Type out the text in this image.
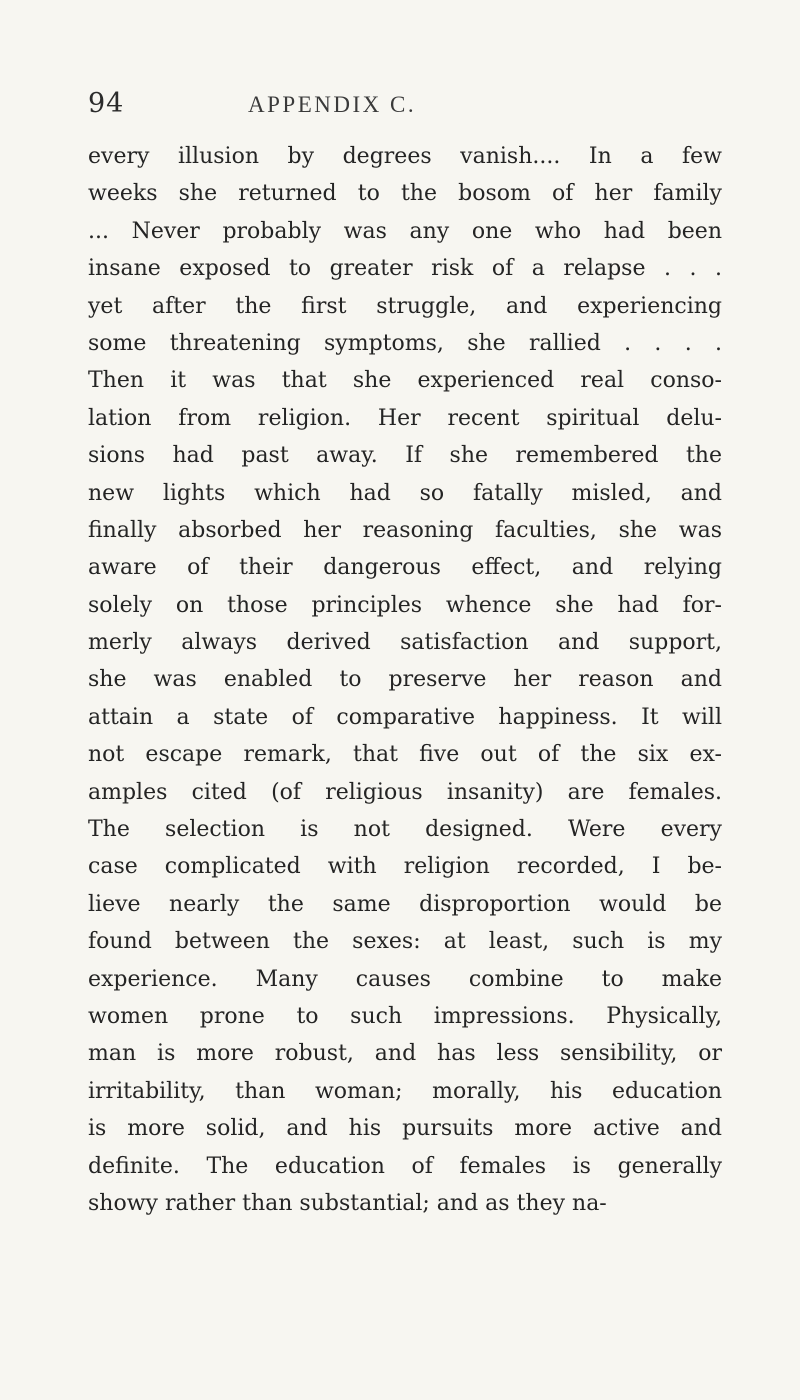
94	APPENDIX C.
every illusion by degrees vanish.... In a few
weeks she returned to the bosom of her family
... Never probably was any one who had been
insane exposed to greater risk of a relapse . . .
yet after the first struggle, and experiencing
some threatening symptoms, she rallied . . . .
Then it was that she experienced real conso-
lation from religion. Her recent spiritual delu-
sions had past away. If she remembered the
new lights which had so fatally misled, and
finally absorbed her reasoning faculties, she was
aware of their dangerous effect, and relying
solely on those principles whence she had for-
merly always derived satisfaction and support,
she was enabled to preserve her reason and
attain a state of comparative happiness. It will
not escape remark, that five out of the six ex-
amples cited (of religious insanity) are females.
The selection is not designed. Were every
case complicated with religion recorded, I be-
lieve nearly the same disproportion would be
found between the sexes: at least, such is my
experience. Many causes combine to make
women prone to such impressions. Physically,
man is more robust, and has less sensibility, or
irritability, than woman; morally, his education
is more solid, and his pursuits more active and
definite. The education of females is generally
showy rather than substantial; and as they na-
